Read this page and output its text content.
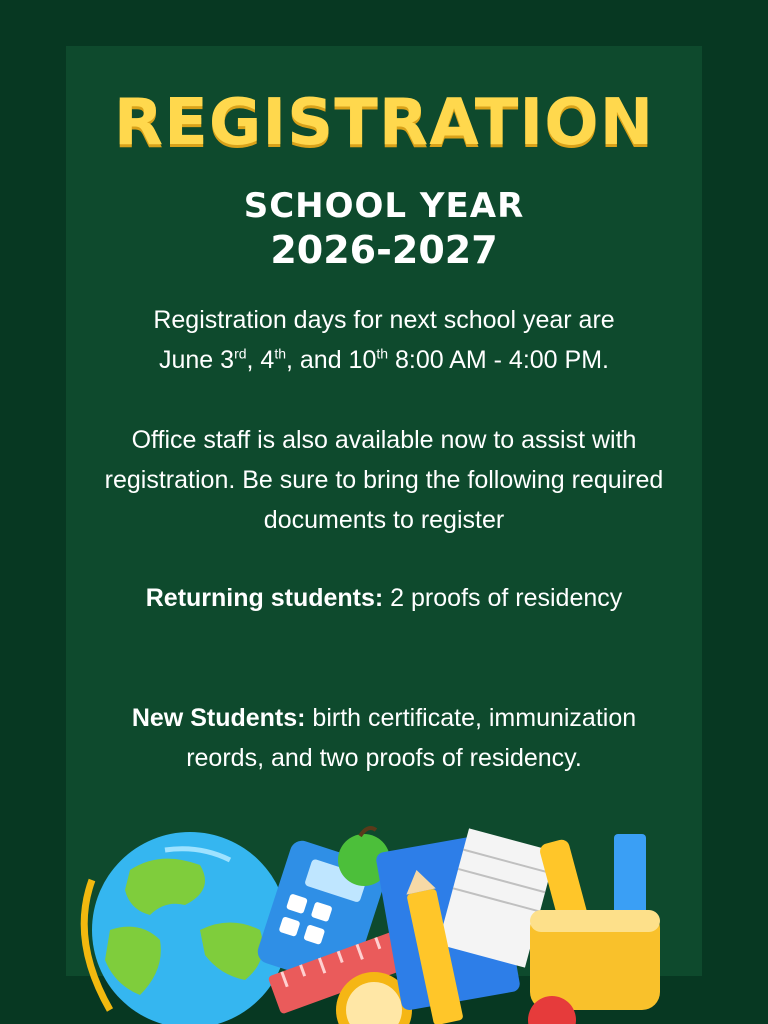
REGISTRATION
SCHOOL YEAR
2026-2027
Registration days for next school year are
June 3rd, 4th, and 10th 8:00 AM - 4:00 PM.
Office staff is also available now to assist with registration. Be sure to bring the following required documents to register
Returning students: 2 proofs of residency
New Students: birth certificate, immunization reords, and two proofs of residency.
